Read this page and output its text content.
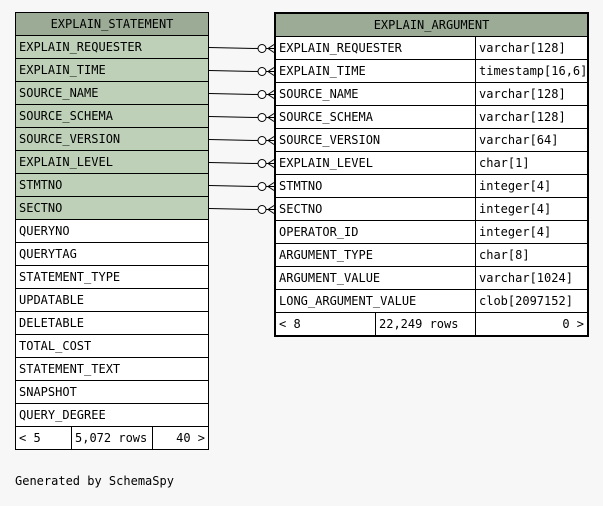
EXPLAIN_STATEMENT
EXPLAIN_REQUESTER
EXPLAIN_TIME
SOURCE_NAME
SOURCE_SCHEMA
SOURCE_VERSION
EXPLAIN_LEVEL
STMTNO
SECTNO
QUERYNO
QUERYTAG
STATEMENT_TYPE
UPDATABLE
DELETABLE
TOTAL_COST
STATEMENT_TEXT
SNAPSHOT
QUERY_DEGREE
< 5	5,072 rows	40 >
EXPLAIN_ARGUMENT
EXPLAIN_REQUESTER	varchar[128]
EXPLAIN_TIME	timestamp[16,6]
SOURCE_NAME	varchar[128]
SOURCE_SCHEMA	varchar[128]
SOURCE_VERSION	varchar[64]
EXPLAIN_LEVEL	char[1]
STMTNO	integer[4]
SECTNO	integer[4]
OPERATOR_ID	integer[4]
ARGUMENT_TYPE	char[8]
ARGUMENT_VALUE	varchar[1024]
LONG_ARGUMENT_VALUE	clob[2097152]
< 8	22,249 rows	0 >
Generated by SchemaSpy
